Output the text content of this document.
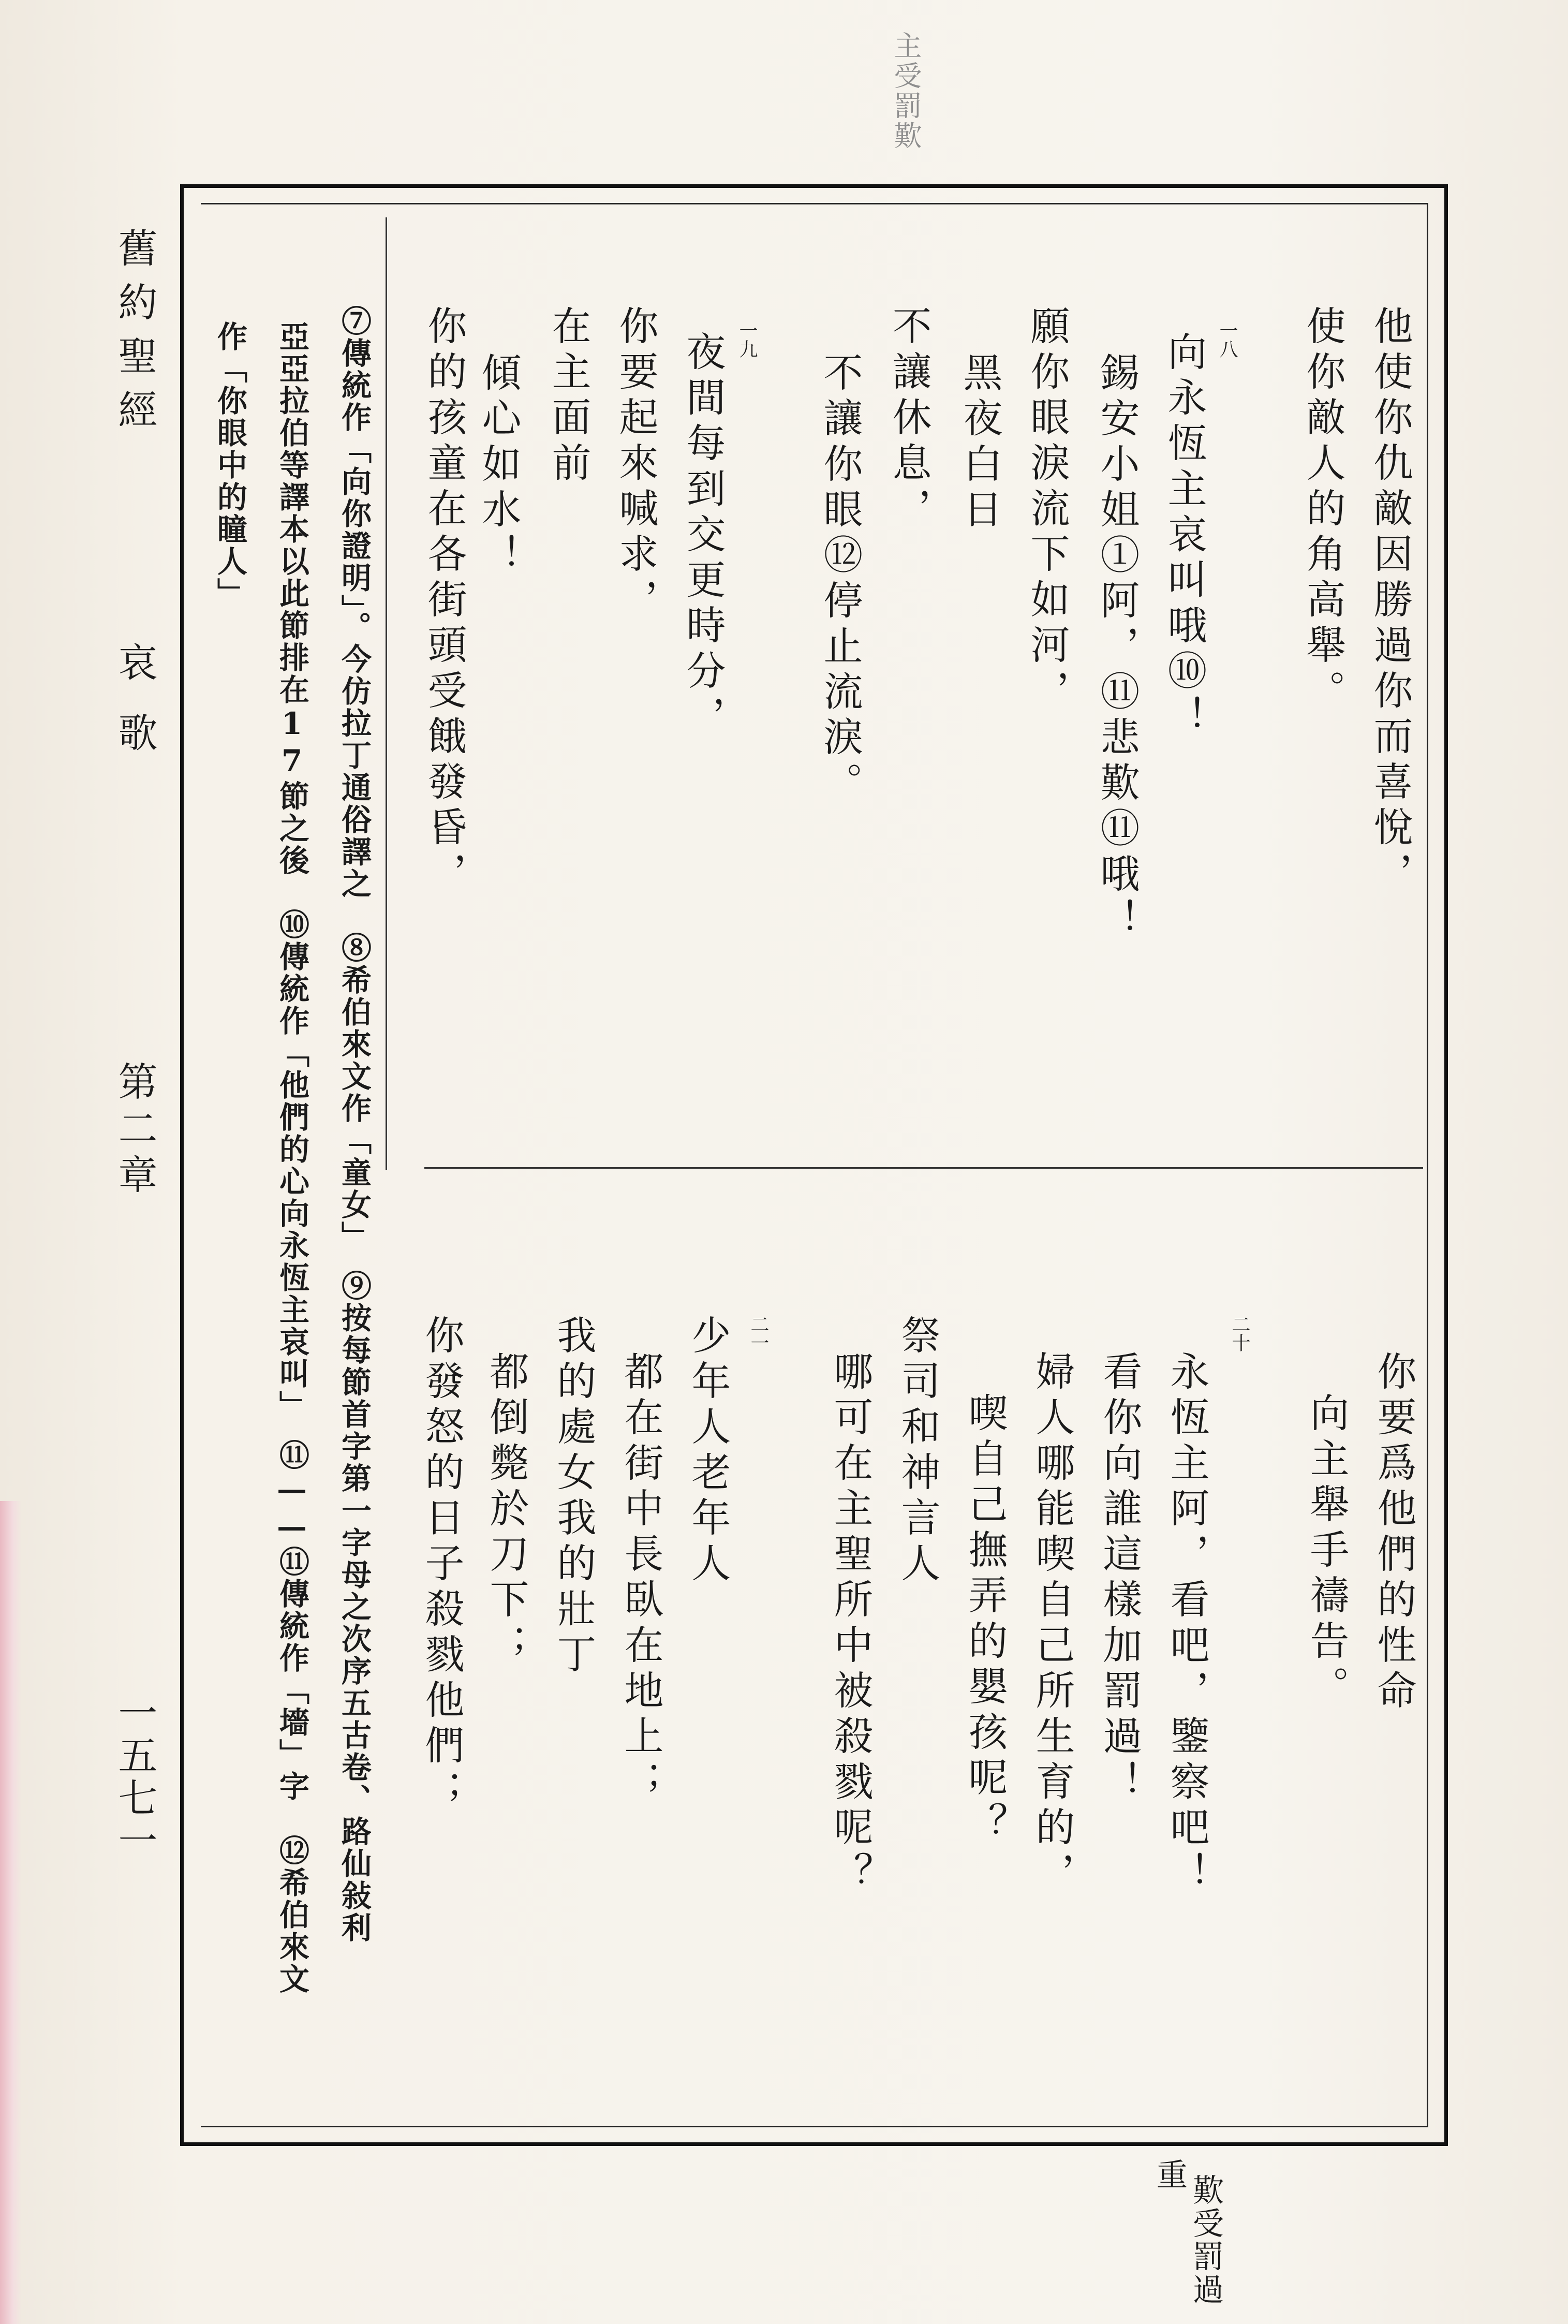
主受罰歎
舊約聖經
哀歌
第二章
一五七一
他使你仇敵因勝過你而喜悅，
使你敵人的角高舉。
向永恆主哀叫哦⑩！ 一八
錫安小姐①阿，⑪悲歎⑪哦！
願你眼淚流下如河，
黑夜白日
不讓休息，
不讓你眼⑫停止流淚。
夜間每到交更時分， 一九
你要起來喊求，
在主面前
傾心如水！
你的孩童在各街頭受餓發昏，
你要爲他們的性命
向主舉手禱告。
二十
永恆主阿，看吧，鑒察吧！
看你向誰這樣加罰過！
婦人哪能喫自己所生育的，
喫自己撫弄的嬰孩呢？
祭司和神言人
哪可在主聖所中被殺戮呢？
二一
少年人老年人
都在街中長臥在地上；
我的處女我的壯丁
都倒斃於刀下；
你發怒的日子殺戮他們；
⑦傳統作「向你證明」。今仿拉丁通俗譯之　⑧希伯來文作「童女」　⑨按每節首字第一字母之次序五古卷、路仙敍利
亞亞拉伯等譯本以此節排在17節之後　⑩傳統作「他們的心向永恆主哀叫」　⑪——⑪傳統作「墻」字　⑫希伯來文
作「你眼中的瞳人」
歎受罰過
重
